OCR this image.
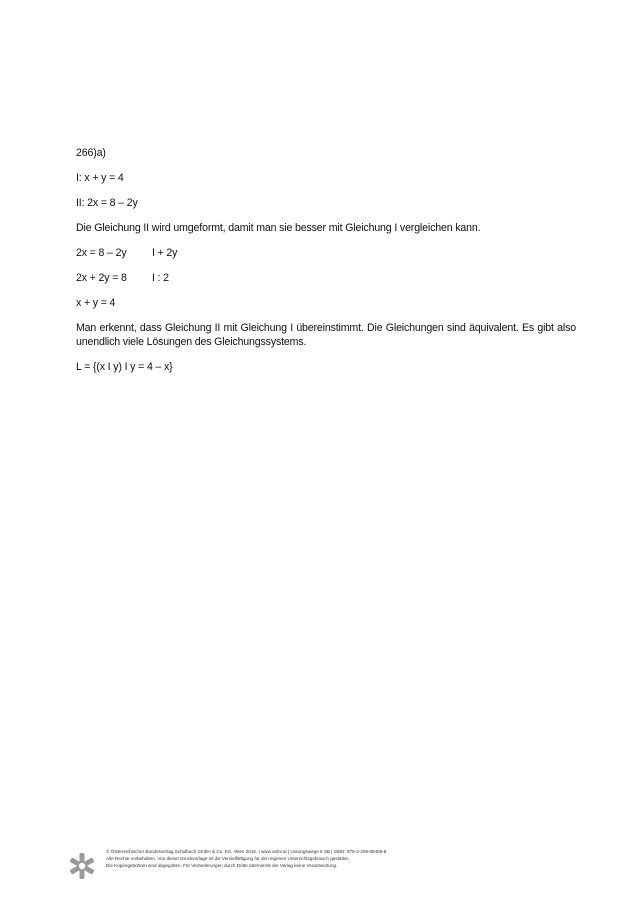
266)a)
I: x + y = 4
II: 2x = 8 – 2y
Die Gleichung II wird umgeformt, damit man sie besser mit Gleichung I vergleichen kann.
2x = 8 – 2y	I + 2y
2x + 2y = 8	I : 2
x + y = 4
Man erkennt, dass Gleichung II mit Gleichung I übereinstimmt. Die Gleichungen sind äquivalent. Es gibt also unendlich viele Lösungen des Gleichungssystems.
L = {(x I y) I y = 4 – x}
© Österreichischer Bundesverlag Schulbuch GmbH & Co. KG, Wien 2015. | www.oebv.at | Lösungswege 5 SB | ISBN: 978-3-209-08466-8
Alle Rechte vorbehalten. Von dieser Druckvorlage ist die Vervielfältigung für den eigenen Unterrichtsgebrauch gestattet.
Die Kopiergebühren sind abgegolten. Für Veränderungen durch Dritte übernimmt der Verlag keine Verantwortung.
